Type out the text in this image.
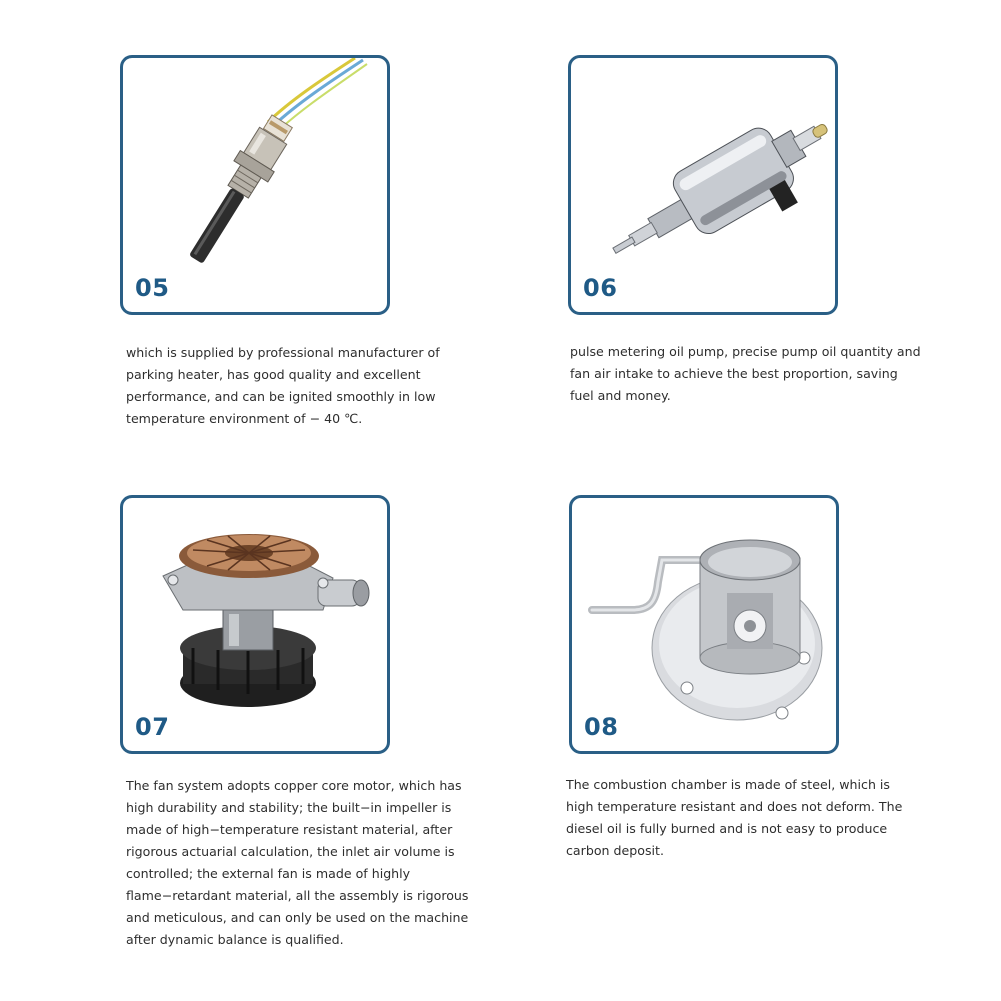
05

which is supplied by professional manufacturer of
parking heater, has good quality and excellent
performance, and can be ignited smoothly in low
temperature environment of − 40 ℃.

06

pulse metering oil pump, precise pump oil quantity and
fan air intake to achieve the best proportion, saving
fuel and money.

07

The fan system adopts copper core motor, which has
high durability and stability; the built−in impeller is
made of high−temperature resistant material, after
rigorous actuarial calculation, the inlet air volume is
controlled; the external fan is made of highly
flame−retardant material, all the assembly is rigorous
and meticulous, and can only be used on the machine
after dynamic balance is qualified.

08

The combustion chamber is made of steel, which is
high temperature resistant and does not deform. The
diesel oil is fully burned and is not easy to produce
carbon deposit.
